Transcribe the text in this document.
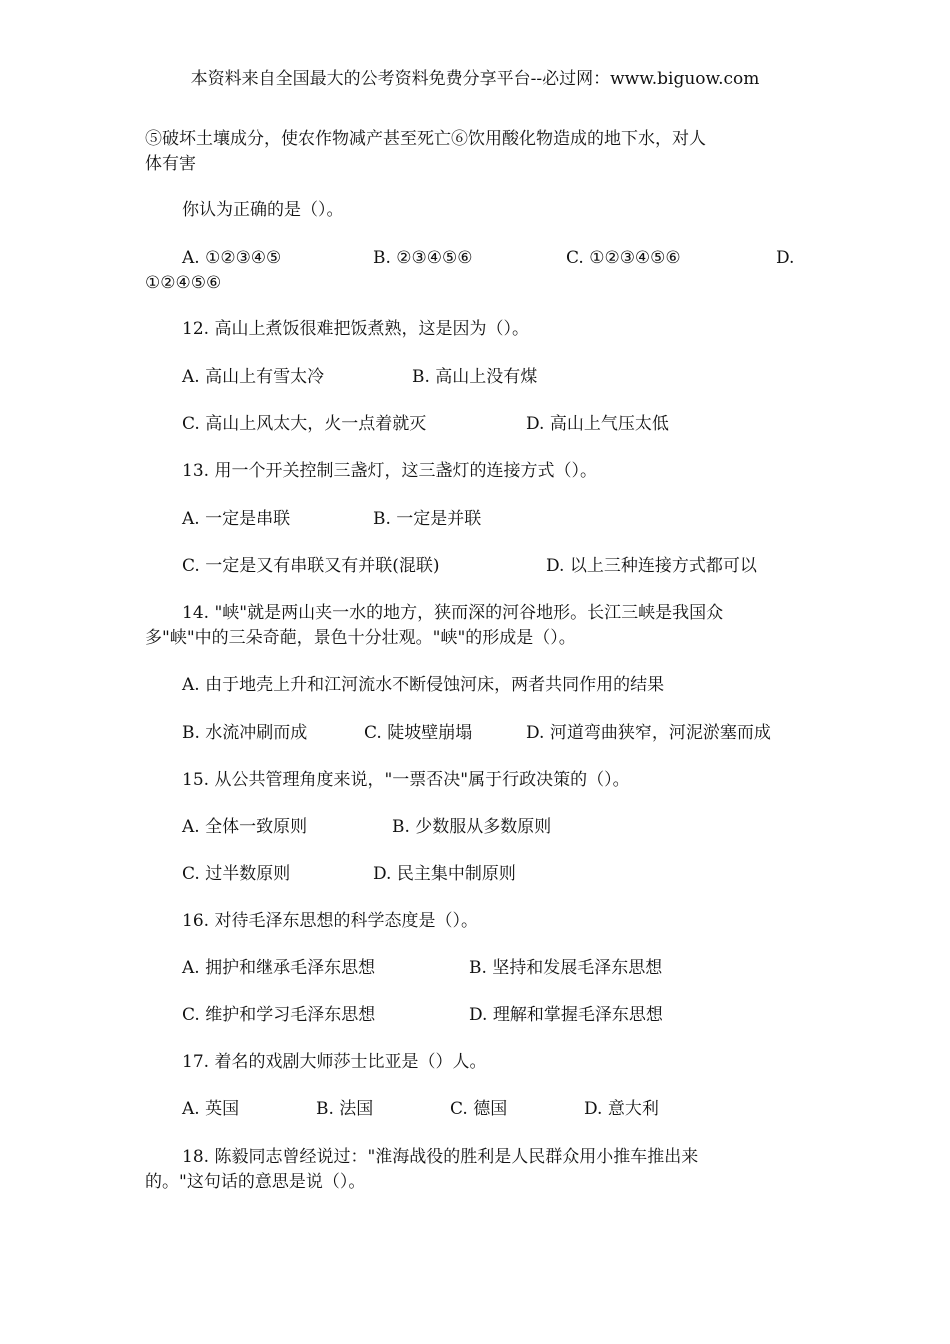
本资料来自全国最大的公考资料免费分享平台--必过网：www.biguow.com
⑤破坏土壤成分，使农作物减产甚至死亡⑥饮用酸化物造成的地下水，对人
体有害
你认为正确的是（）。
A. ①②③④⑤	B. ②③④⑤⑥	C. ①②③④⑤⑥	D.
①②④⑤⑥
12. 高山上煮饭很难把饭煮熟，这是因为（）。
A. 高山上有雪太冷	B. 高山上没有煤
C. 高山上风太大，火一点着就灭	D. 高山上气压太低
13. 用一个开关控制三盏灯，这三盏灯的连接方式（）。
A. 一定是串联	B. 一定是并联
C. 一定是又有串联又有并联(混联)	D. 以上三种连接方式都可以
14. "峡"就是两山夹一水的地方，狭而深的河谷地形。长江三峡是我国众
多"峡"中的三朵奇葩，景色十分壮观。"峡"的形成是（）。
A. 由于地壳上升和江河流水不断侵蚀河床，两者共同作用的结果
B. 水流冲刷而成	C. 陡坡壁崩塌	D. 河道弯曲狭窄，河泥淤塞而成
15. 从公共管理角度来说，"一票否决"属于行政决策的（）。
A. 全体一致原则	B. 少数服从多数原则
C. 过半数原则	D. 民主集中制原则
16. 对待毛泽东思想的科学态度是（）。
A. 拥护和继承毛泽东思想	B. 坚持和发展毛泽东思想
C. 维护和学习毛泽东思想	D. 理解和掌握毛泽东思想
17. 着名的戏剧大师莎士比亚是（）人。
A. 英国	B. 法国	C. 德国	D. 意大利
18. 陈毅同志曾经说过："淮海战役的胜利是人民群众用小推车推出来
的。"这句话的意思是说（）。
